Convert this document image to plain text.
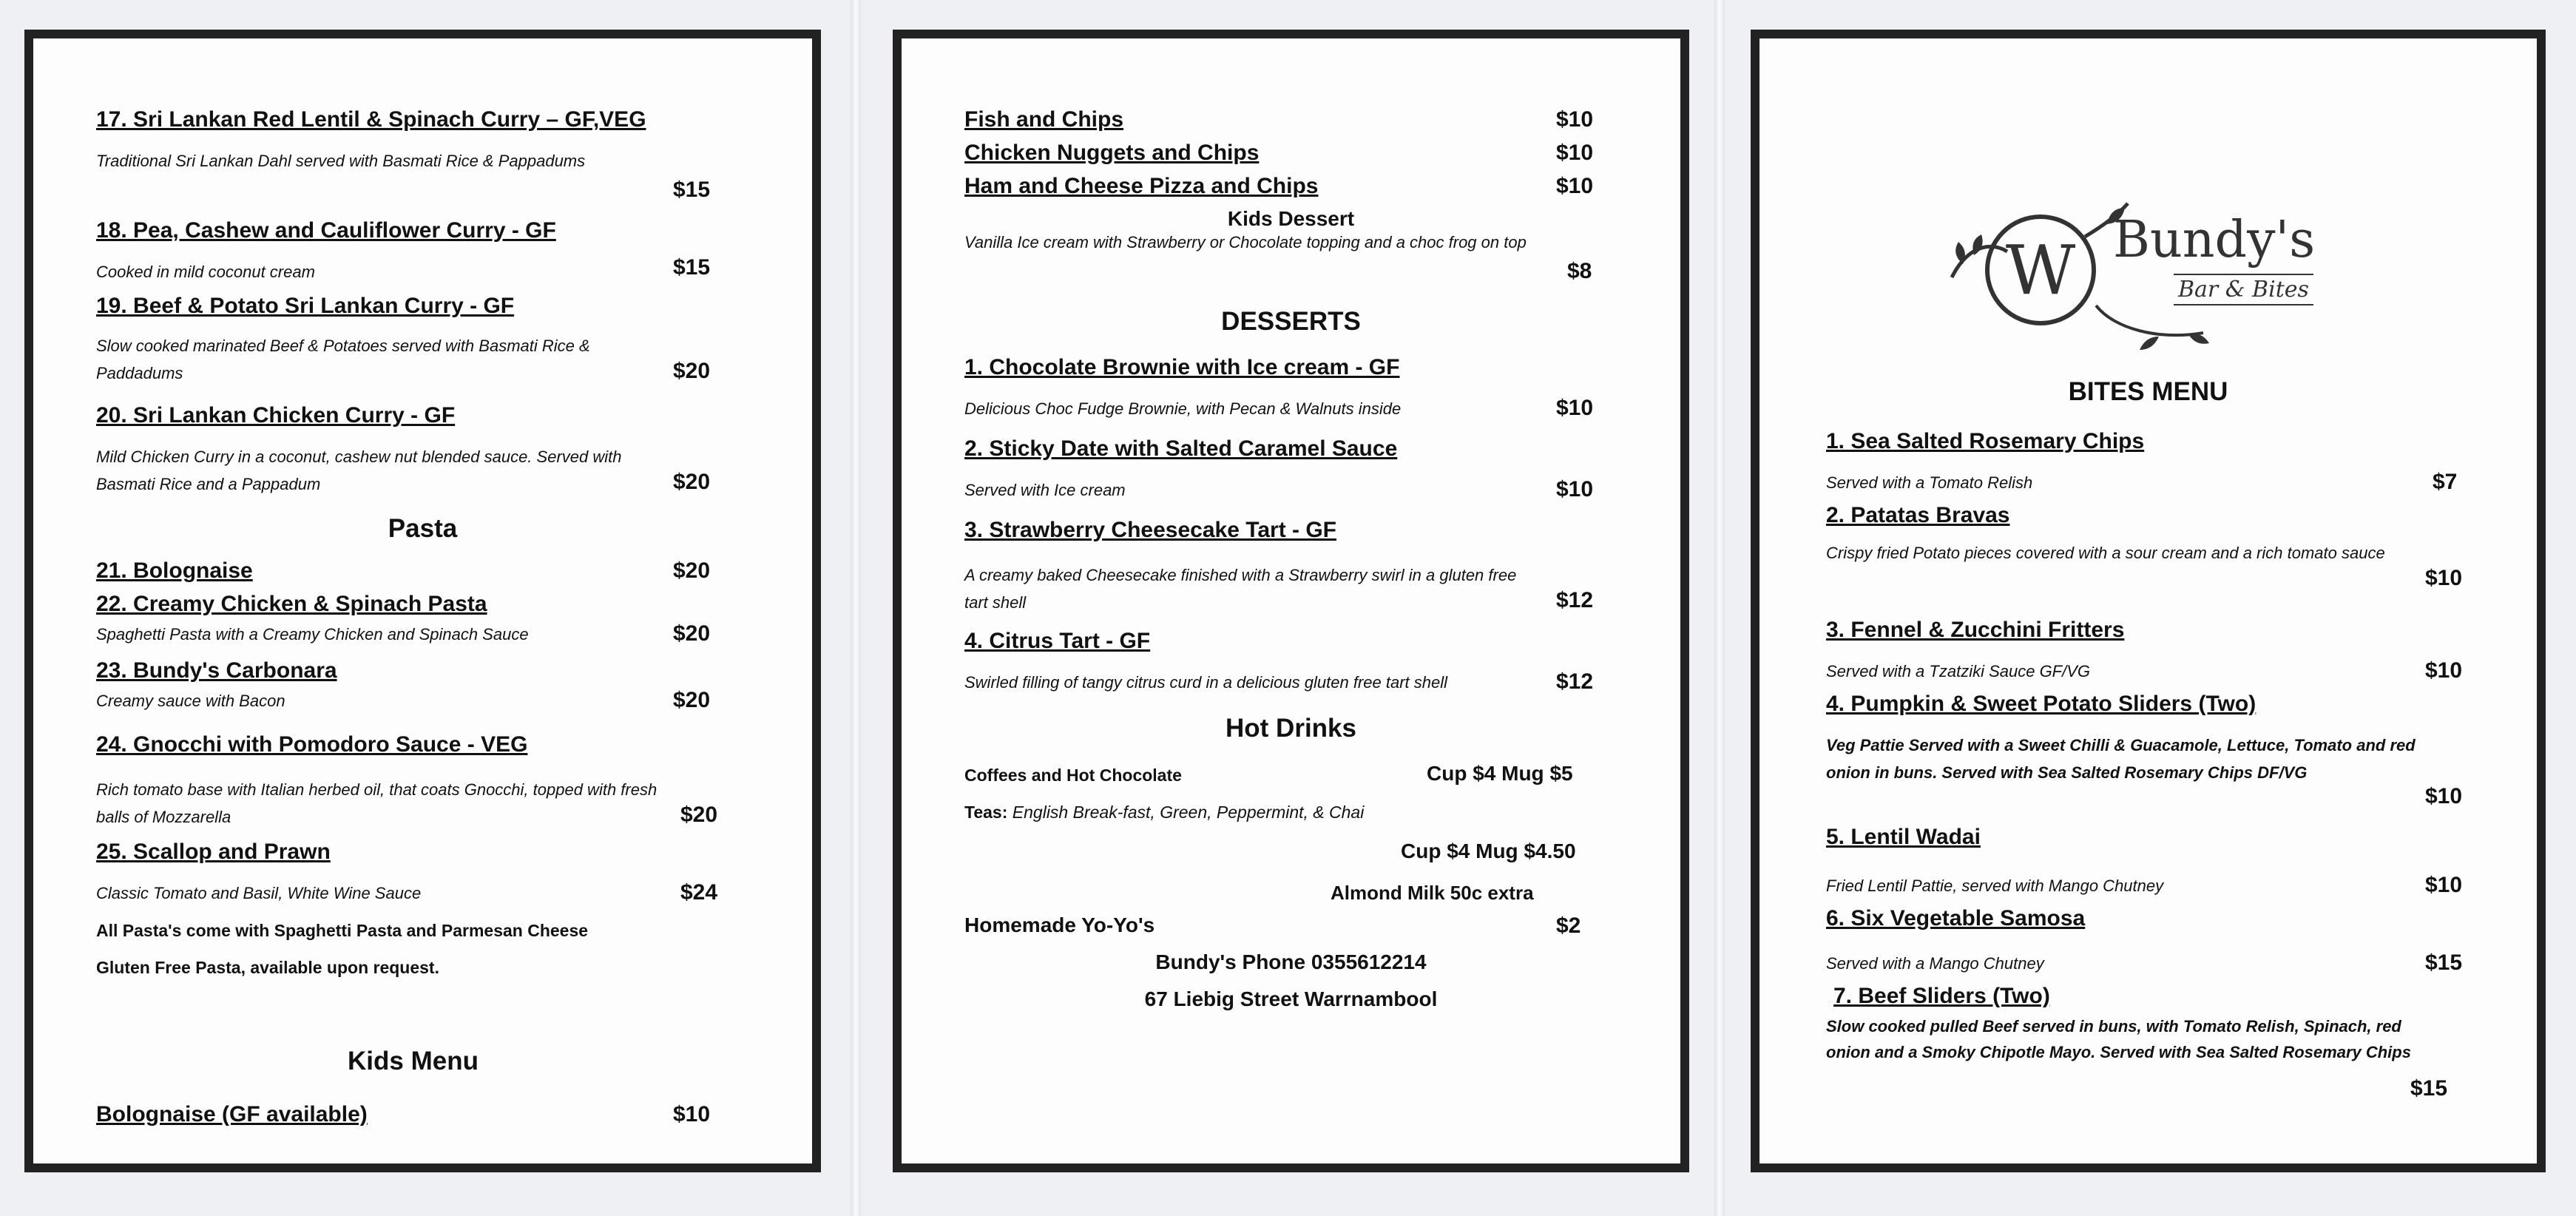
17. Sri Lankan Red Lentil & Spinach Curry – GF,VEG
Traditional Sri Lankan Dahl served with Basmati Rice & Pappadums
$15
18. Pea, Cashew and Cauliflower Curry - GF
Cooked in mild coconut cream	$15
19. Beef & Potato Sri Lankan Curry - GF
Slow cooked marinated Beef & Potatoes served with Basmati Rice &
Paddadums	$20
20. Sri Lankan Chicken Curry - GF
Mild Chicken Curry in a coconut, cashew nut blended sauce. Served with
Basmati Rice and a Pappadum	$20
Pasta
21. Bolognaise	$20
22. Creamy Chicken & Spinach Pasta
Spaghetti Pasta with a Creamy Chicken and Spinach Sauce	$20
23. Bundy's Carbonara
Creamy sauce with Bacon	$20
24. Gnocchi with Pomodoro Sauce - VEG
Rich tomato base with Italian herbed oil, that coats Gnocchi, topped with fresh
balls of Mozzarella	$20
25. Scallop and Prawn
Classic Tomato and Basil, White Wine Sauce	$24
All Pasta's come with Spaghetti Pasta and Parmesan Cheese
Gluten Free Pasta, available upon request.
Kids Menu
Bolognaise (GF available)	$10
Fish and Chips	$10
Chicken Nuggets and Chips	$10
Ham and Cheese Pizza and Chips	$10
Kids Dessert
Vanilla Ice cream with Strawberry or Chocolate topping and a choc frog on top
$8
DESSERTS
1. Chocolate Brownie with Ice cream - GF
Delicious Choc Fudge Brownie, with Pecan & Walnuts inside	$10
2. Sticky Date with Salted Caramel Sauce
Served with Ice cream	$10
3. Strawberry Cheesecake Tart - GF
A creamy baked Cheesecake finished with a Strawberry swirl in a gluten free
tart shell	$12
4. Citrus Tart - GF
Swirled filling of tangy citrus curd in a delicious gluten free tart shell	$12
Hot Drinks
Coffees and Hot Chocolate	Cup $4 Mug $5
Teas: English Break-fast, Green, Peppermint, & Chai
Cup $4 Mug $4.50
Almond Milk 50c extra
Homemade Yo-Yo's	$2
Bundy's Phone 0355612214
67 Liebig Street Warrnambool
W Bundy's
Bar & Bites
BITES MENU
1. Sea Salted Rosemary Chips
Served with a Tomato Relish	$7
2. Patatas Bravas
Crispy fried Potato pieces covered with a sour cream and a rich tomato sauce
$10
3. Fennel & Zucchini Fritters
Served with a Tzatziki Sauce GF/VG	$10
4. Pumpkin & Sweet Potato Sliders (Two)
Veg Pattie Served with a Sweet Chilli & Guacamole, Lettuce, Tomato and red
onion in buns. Served with Sea Salted Rosemary Chips DF/VG
$10
5. Lentil Wadai
Fried Lentil Pattie, served with Mango Chutney	$10
6. Six Vegetable Samosa
Served with a Mango Chutney	$15
7. Beef Sliders (Two)
Slow cooked pulled Beef served in buns, with Tomato Relish, Spinach, red
onion and a Smoky Chipotle Mayo. Served with Sea Salted Rosemary Chips
$15
